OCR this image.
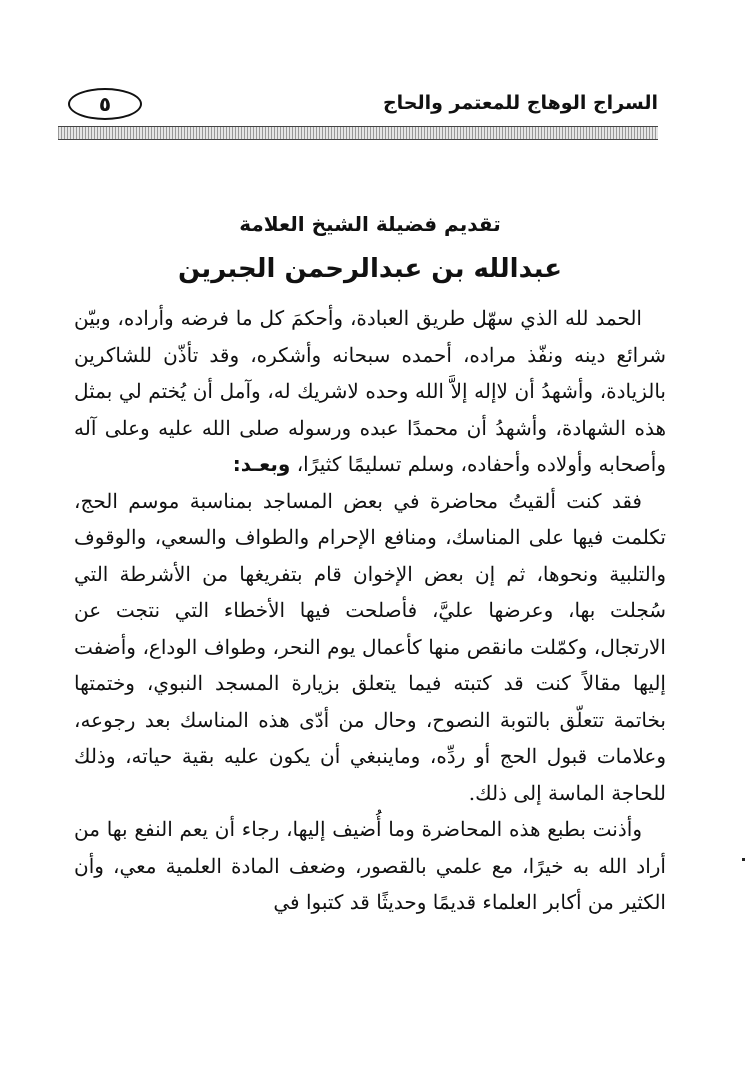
السراج الوهاج للمعتمر والحاج
٥
تقديم فضيلة الشيخ العلامة
عبدالله بن عبدالرحمن الجبرين

الحمد لله الذي سهّل طريق العبادة، وأحكمَ كل ما فرضه وأراده، وبيّن شرائع دينه ونفّذ مراده، أحمده سبحانه وأشكره، وقد تأذّن للشاكرين بالزيادة، وأشهدُ أن لاإله إلاَّ الله وحده لاشريك له، وآمل أن يُختم لي بمثل هذه الشهادة، وأشهدُ أن محمدًا عبده ورسوله صلى الله عليه وعلى آله وأصحابه وأولاده وأحفاده، وسلم تسليمًا كثيرًا، وبعـد:

فقد كنت ألقيتُ محاضرة في بعض المساجد بمناسبة موسم الحج، تكلمت فيها على المناسك، ومنافع الإحرام والطواف والسعي، والوقوف والتلبية ونحوها، ثم إن بعض الإخوان قام بتفريغها من الأشرطة التي سُجلت بها، وعرضها عليَّ، فأصلحت فيها الأخطاء التي نتجت عن الارتجال، وكمّلت مانقص منها كأعمال يوم النحر، وطواف الوداع، وأضفت إليها مقالاً كنت قد كتبته فيما يتعلق بزيارة المسجد النبوي، وختمتها بخاتمة تتعلّق بالتوبة النصوح، وحال من أدّى هذه المناسك بعد رجوعه، وعلامات قبول الحج أو ردِّه، وماينبغي أن يكون عليه بقية حياته، وذلك للحاجة الماسة إلى ذلك.

وأذنت بطبع هذه المحاضرة وما أُضيف إليها، رجاء أن يعم النفع بها من أراد الله به خيرًا، مع علمي بالقصور، وضعف المادة العلمية معي، وأن الكثير من أكابر العلماء قديمًا وحديثًا قد كتبوا في
